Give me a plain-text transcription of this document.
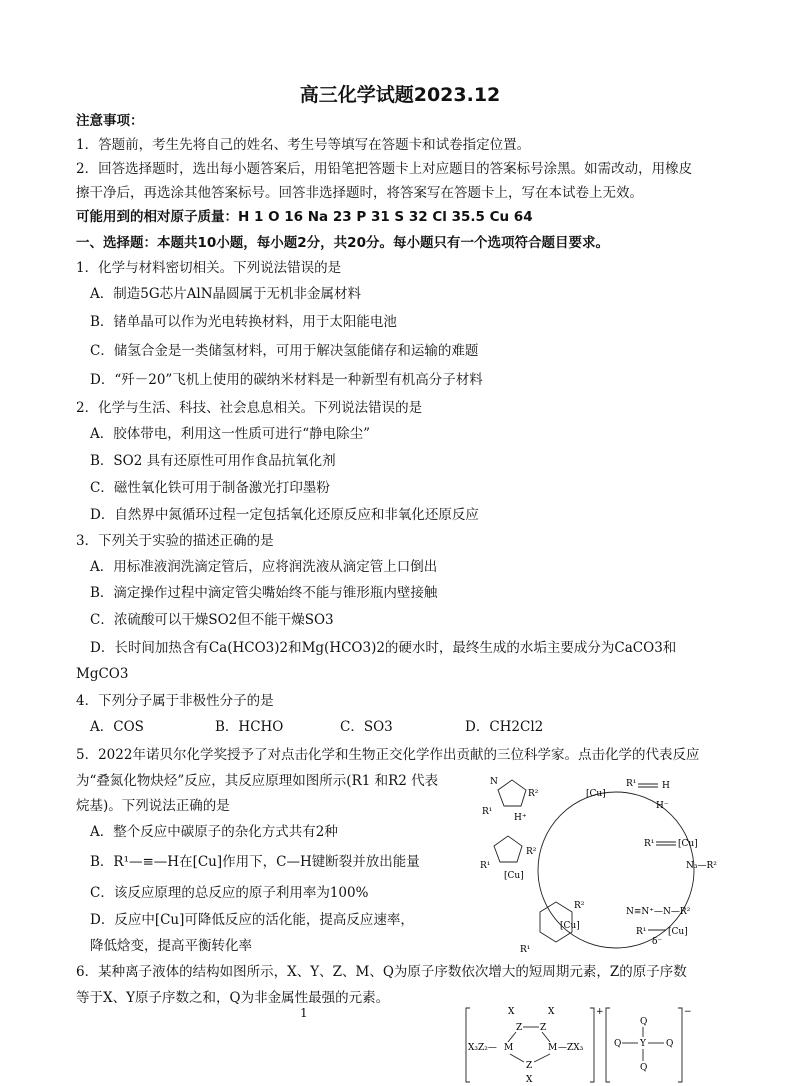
高三化学试题2023.12
注意事项：
1．答题前，考生先将自己的姓名、考生号等填写在答题卡和试卷指定位置。
2．回答选择题时，选出每小题答案后，用铅笔把答题卡上对应题目的答案标号涂黑。如需改动，用橡皮
擦干净后，再选涂其他答案标号。回答非选择题时，将答案写在答题卡上，写在本试卷上无效。
可能用到的相对原子质量：H 1 O 16 Na 23 P 31 S 32 Cl 35.5 Cu 64
一、选择题：本题共10小题，每小题2分，共20分。每小题只有一个选项符合题目要求。
1．化学与材料密切相关。下列说法错误的是
A．制造5G芯片AlN晶圆属于无机非金属材料
B．锗单晶可以作为光电转换材料，用于太阳能电池
C．储氢合金是一类储氢材料，可用于解决氢能储存和运输的难题
D．“歼－20”飞机上使用的碳纳米材料是一种新型有机高分子材料
2．化学与生活、科技、社会息息相关。下列说法错误的是
A．胶体带电，利用这一性质可进行“静电除尘”
B．SO2 具有还原性可用作食品抗氧化剂
C．磁性氧化铁可用于制备激光打印墨粉
D．自然界中氮循环过程一定包括氧化还原反应和非氧化还原反应
3．下列关于实验的描述正确的是
A．用标准液润洗滴定管后，应将润洗液从滴定管上口倒出
B．滴定操作过程中滴定管尖嘴始终不能与锥形瓶内壁接触
C．浓硫酸可以干燥SO2但不能干燥SO3
D．长时间加热含有Ca(HCO3)2和Mg(HCO3)2的硬水时，最终生成的水垢主要成分为CaCO3和
MgCO3
4．下列分子属于非极性分子的是
A．COS	B．HCHO	C．SO3	D．CH2Cl2
5．2022年诺贝尔化学奖授予了对点击化学和生物正交化学作出贡献的三位科学家。点击化学的代表反应
为“叠氮化物炔烃”反应，其反应原理如图所示(R1 和R2 代表
烷基)。下列说法正确的是
A．整个反应中碳原子的杂化方式共有2种
B．R¹—≡—H在[Cu]作用下，C—H键断裂并放出能量
C．该反应原理的总反应的原子利用率为100%
D．反应中[Cu]可降低反应的活化能，提高反应速率，
降低焓变，提高平衡转化率
6．某种离子液体的结构如图所示，X、Y、Z、M、Q为原子序数依次增大的短周期元素，Z的原子序数
等于X、Y原子序数之和，Q为非金属性最强的元素。
N
R²
R¹
H⁺
[Cu]
R¹	H
H⁻
R¹	[Cu]
N₃—R²
N≡N⁺—N—R²
R¹ [Cu]
δ⁻
R²
[Cu]
R¹
R²
R¹
[Cu]
X	X
Z Z
M	M
X₃Z₂—	—ZX₃
Z
X
+
Q
Q Y Q
Q
−
1
